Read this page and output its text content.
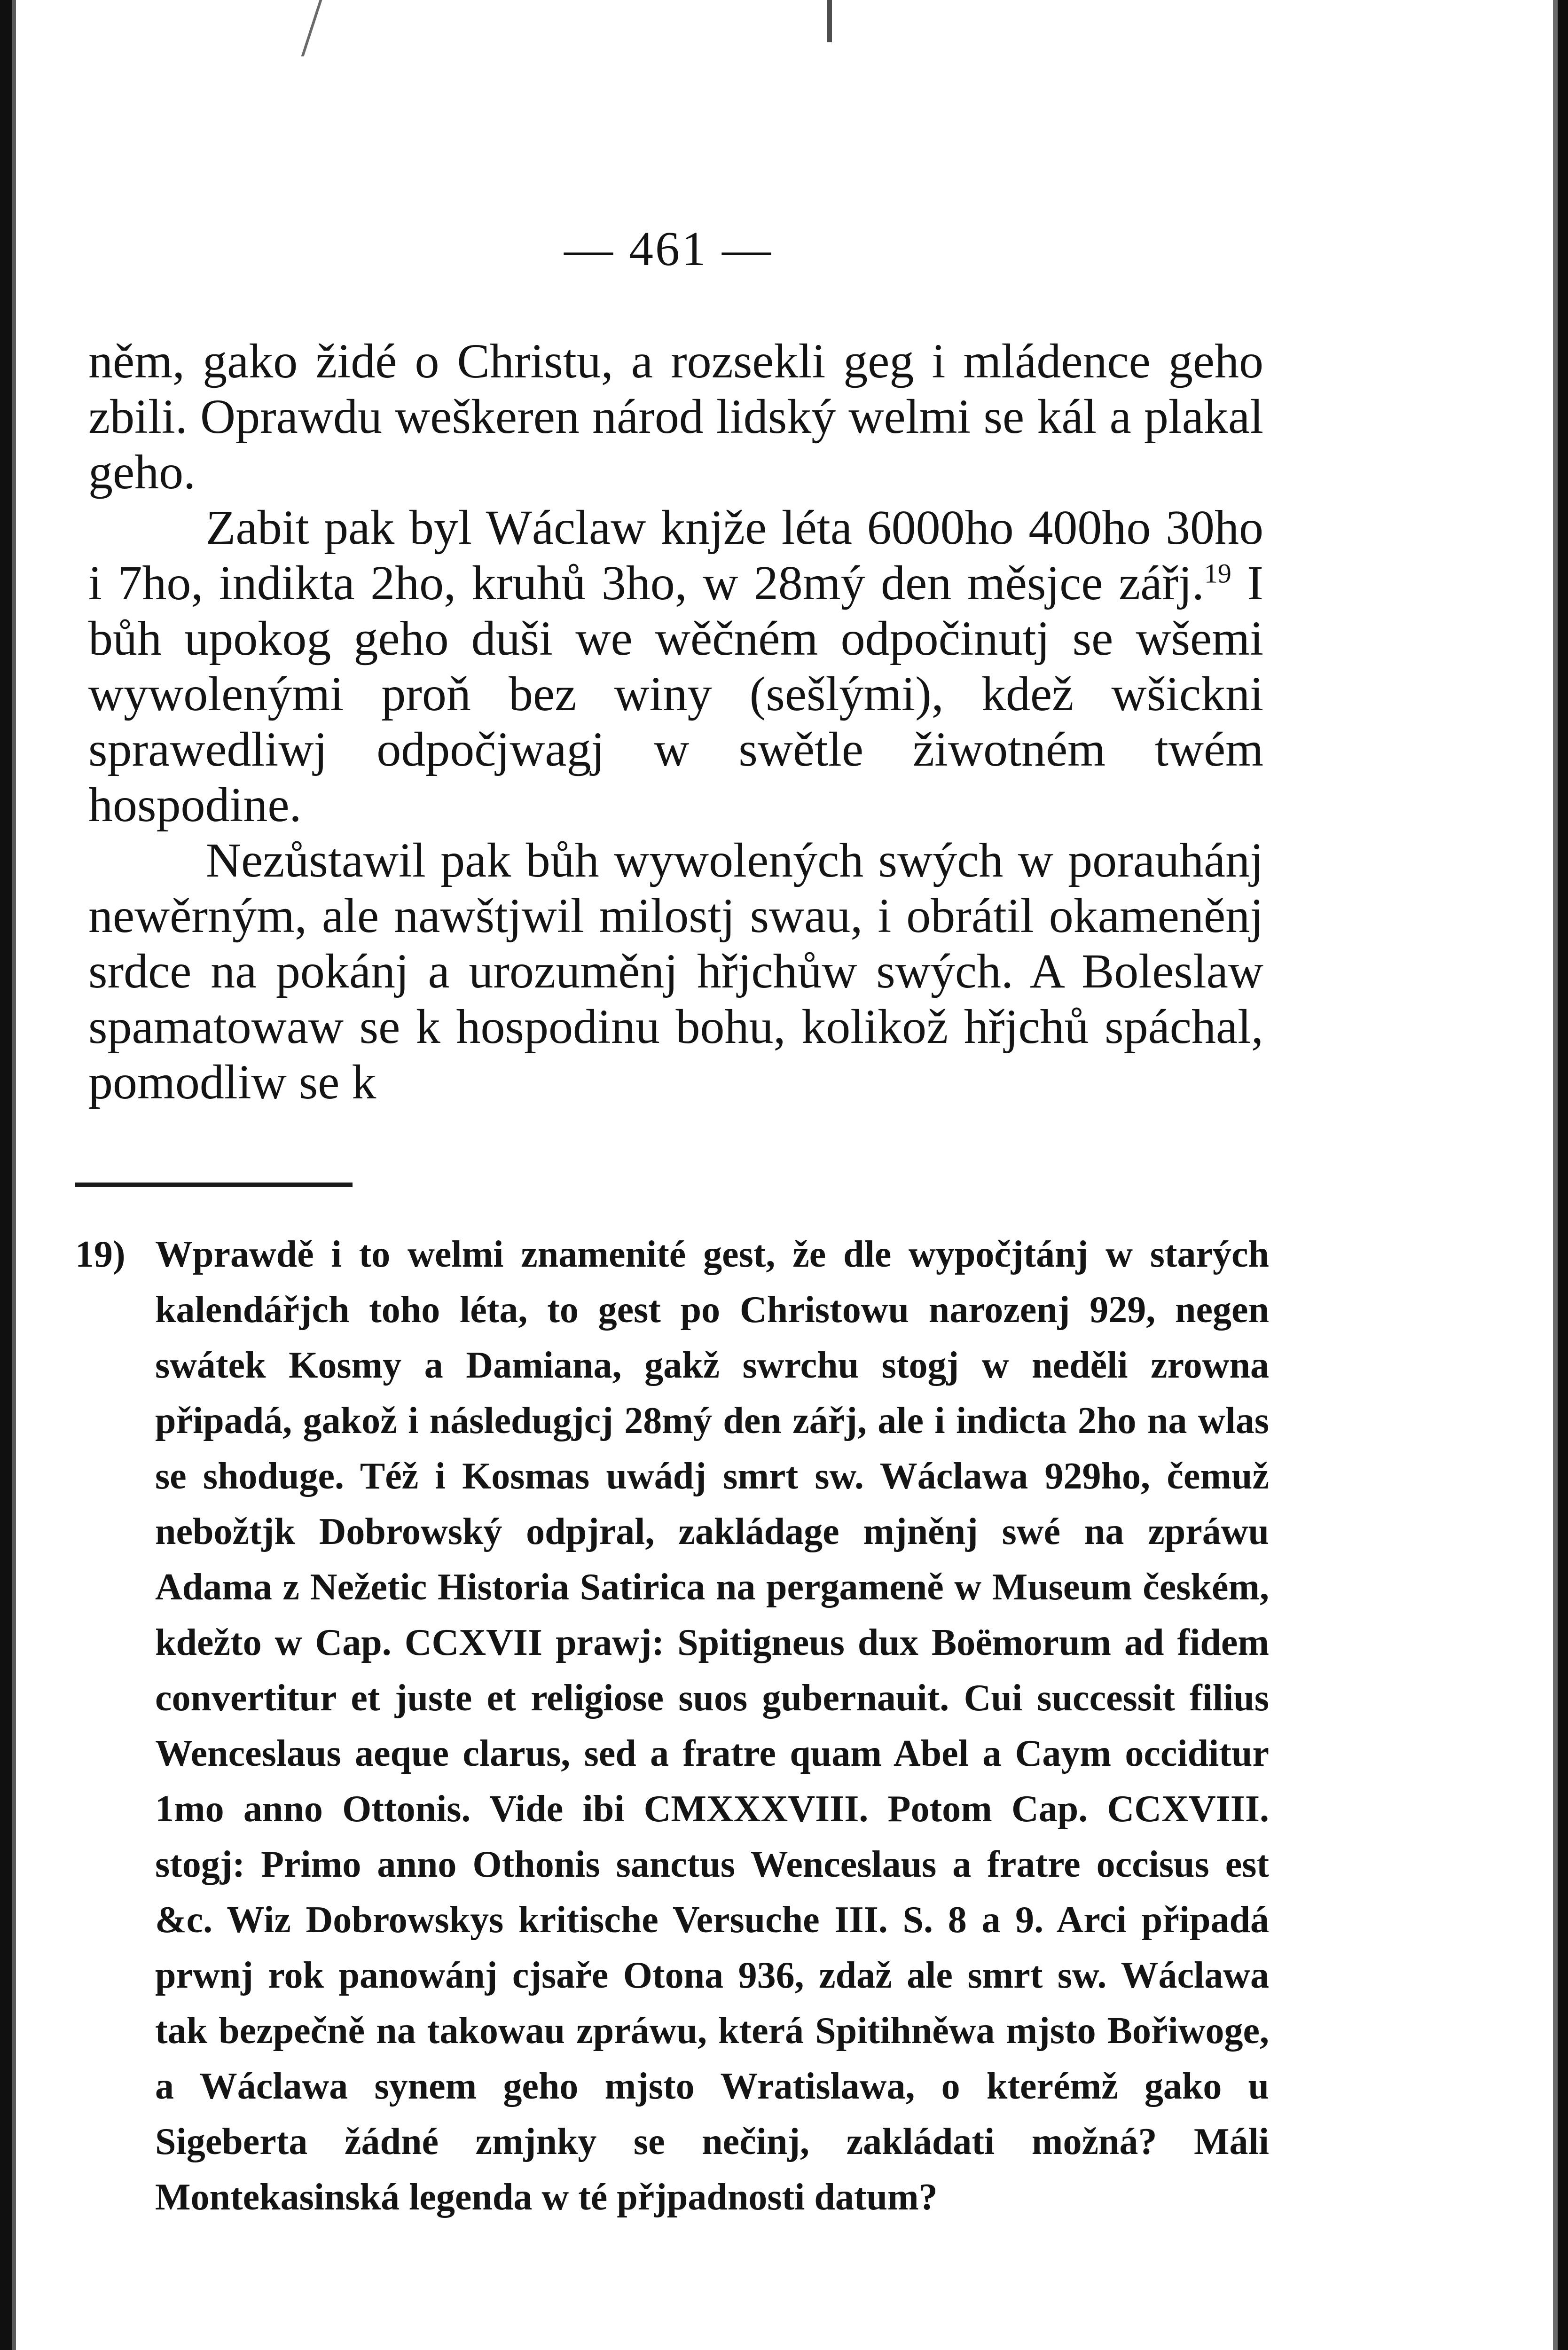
— 461 —

něm, gako židé o Christu, a rozsekli geg i mládence geho zbili. Oprawdu weškeren národ lidský welmi se kál a plakal geho.

Zabit pak byl Wáclaw knjže léta 6000ho 400ho 30ho i 7ho, indikta 2ho, kruhů 3ho, w 28mý den měsjce zářj.$^{19}$ I bůh upokog geho duši we wěčném odpočinutj se wšemi wywolenými proň bez winy (sešlými), kdež wšickni sprawedliwj odpočjwagj w swětle žiwotném twém hospodine.

Nezůstawil pak bůh wywolených swých w porauhánj newěrným, ale nawštjwil milostj swau, i obrátil okameněnj srdce na pokánj a urozuměnj hřjchůw swých. A Boleslaw spamatowaw se k hospodinu bohu, kolikož hřjchů spáchal, pomodliw se k

19) Wprawdě i to welmi znamenité gest, že dle wypočjtánj w starých kalendářjch toho léta, to gest po Christowu narozenj 929, negen swátek Kosmy a Damiana, gakž swrchu stogj w neděli zrowna připadá, gakož i následugjcj 28mý den zářj, ale i indicta 2ho na wlas se shoduge. Též i Kosmas uwádj smrt sw. Wáclawa 929ho, čemuž nebožtjk Dobrowský odpjral, zakládage mjněnj swé na zpráwu Adama z Nežetic Historia Satirica na pergameně w Museum českém, kdežto w Cap. CCXVII prawj: Spitigneus dux Boëmorum ad fidem convertitur et juste et religiose suos gubernauit. Cui successit filius Wenceslaus aeque clarus, sed a fratre quam Abel a Caym occiditur 1mo anno Ottonis. Vide ibi CMXXXVIII. Potom Cap. CCXVIII. stogj: Primo anno Othonis sanctus Wenceslaus a fratre occisus est &c. Wiz Dobrowskys kritische Versuche III. S. 8 a 9. Arci připadá prwnj rok panowánj cjsaře Otona 936, zdaž ale smrt sw. Wáclawa tak bezpečně na takowau zpráwu, která Spitihněwa mjsto Bořiwoge, a Wáclawa synem geho mjsto Wratislawa, o kterémž gako u Sigeberta žádné zmjnky se nečinj, zakládati možná? Máli Montekasinská legenda w té přjpadnosti datum?
